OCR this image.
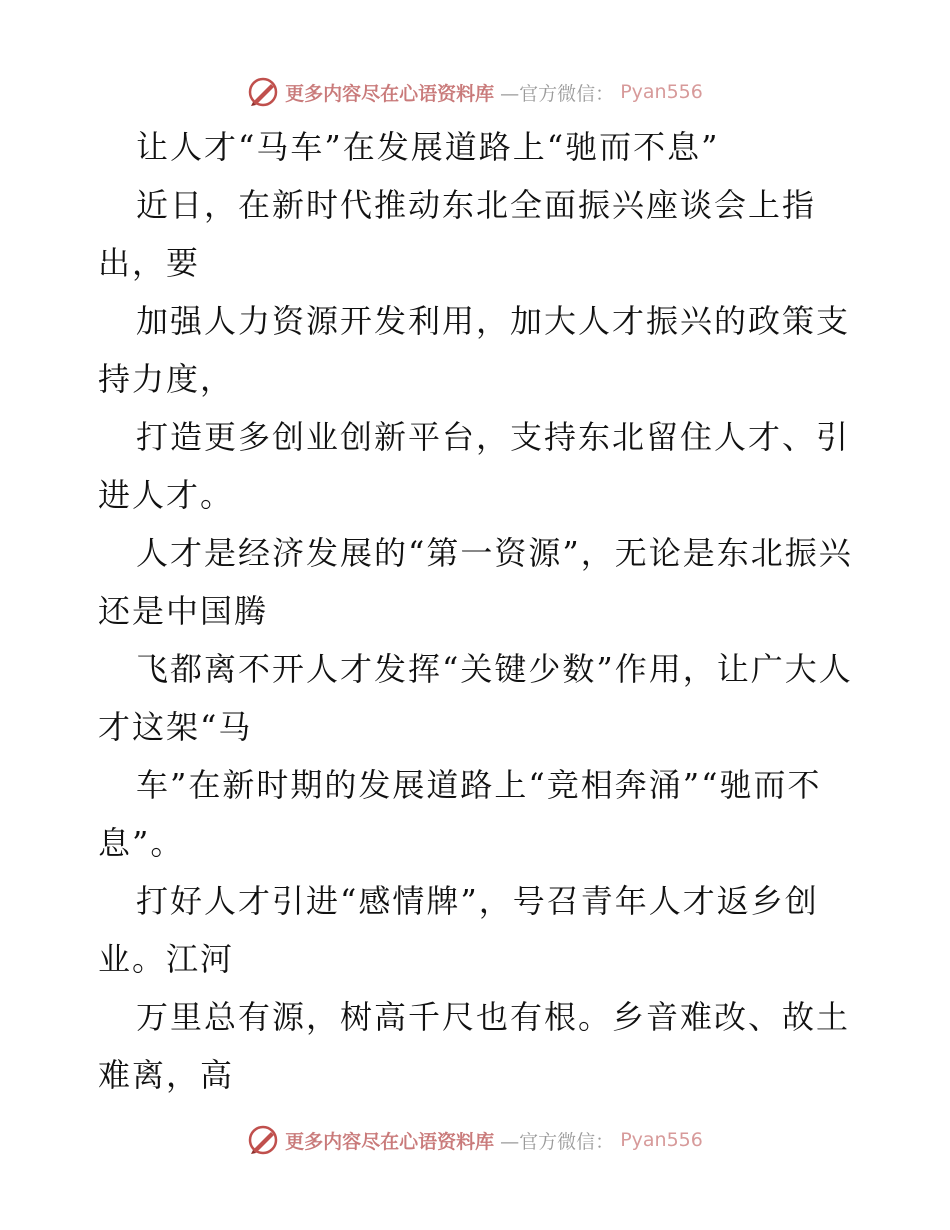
更多内容尽在心语资料库 —官方微信： Pyan556

让人才“马车”在发展道路上“驰而不息”

近日，在新时代推动东北全面振兴座谈会上指出，要

加强人力资源开发利用，加大人才振兴的政策支持力度，

打造更多创业创新平台，支持东北留住人才、引进人才。

人才是经济发展的“第一资源”，无论是东北振兴还是中国腾

飞都离不开人才发挥“关键少数”作用，让广大人才这架“马

车”在新时期的发展道路上“竞相奔涌”“驰而不息”。

打好人才引进“感情牌”，号召青年人才返乡创业。江河

万里总有源，树高千尺也有根。乡音难改、故土难离，高

更多内容尽在心语资料库 —官方微信： Pyan556
